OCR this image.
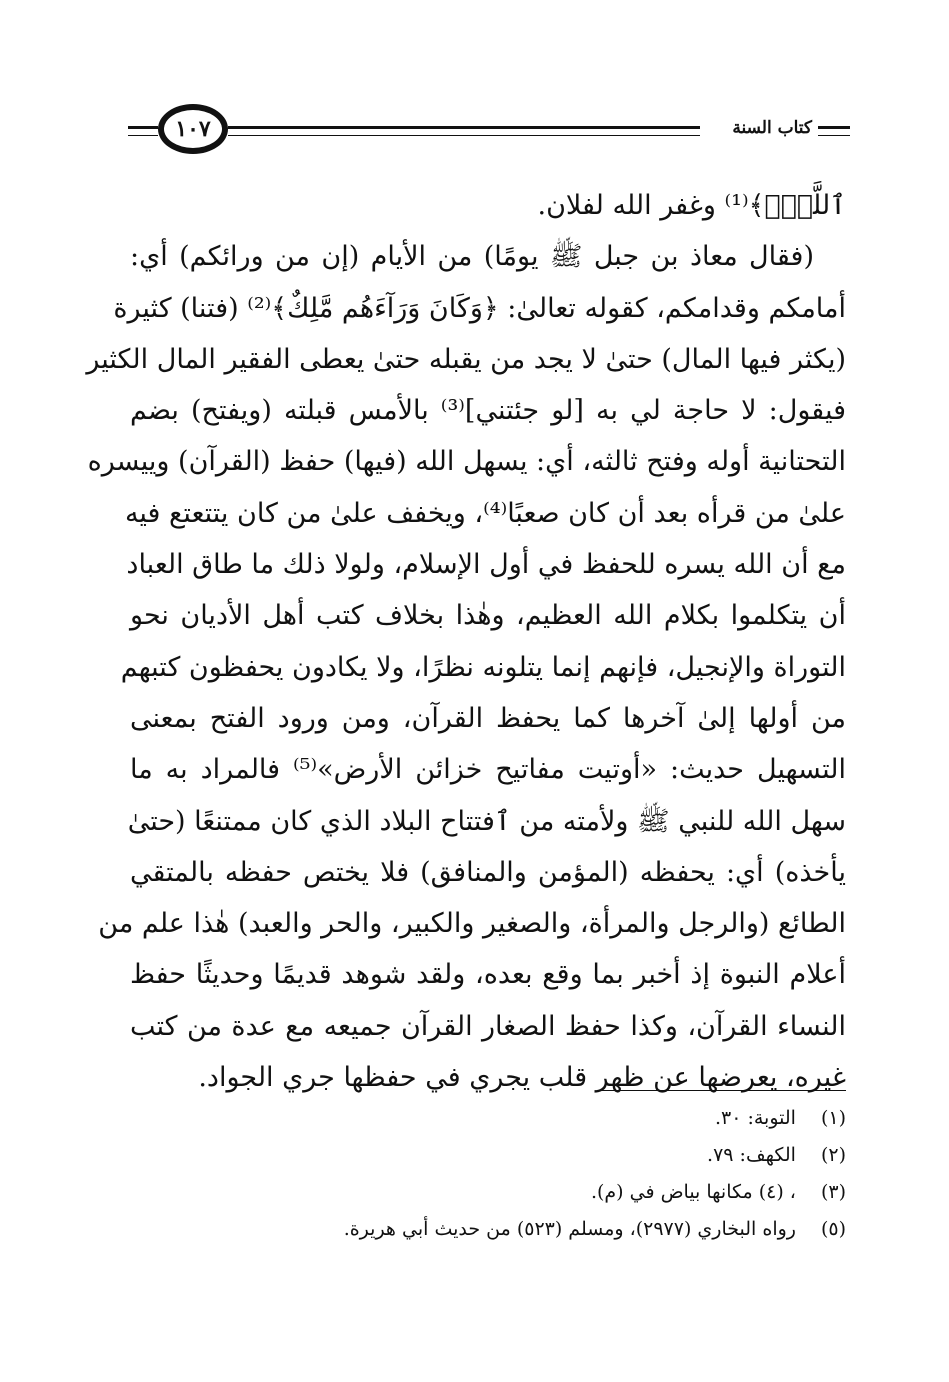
١٠٧	كتاب السنة
ٱللَّهُۖ﴾⁽¹⁾ وغفر الله لفلان.
(فقال معاذ بن جبل ﷺ يومًا) من الأيام (إن من ورائكم) أي:
أمامكم وقدامكم، كقوله تعالىٰ: ﴿وَكَانَ وَرَآءَهُم مَّلِكٌ﴾⁽²⁾ (فتنا) كثيرة
(يكثر فيها المال) حتىٰ لا يجد من يقبله حتىٰ يعطى الفقير المال الكثير
فيقول: لا حاجة لي به [لو جئتني]⁽³⁾ بالأمس قبلته (ويفتح) بضم
التحتانية أوله وفتح ثالثه، أي: يسهل الله (فيها) حفظ (القرآن) وييسره
علىٰ من قرأه بعد أن كان صعبًا⁽⁴⁾، ويخفف علىٰ من كان يتتعتع فيه
مع أن الله يسره للحفظ في أول الإسلام، ولولا ذلك ما طاق العباد
أن يتكلموا بكلام الله العظيم، وهٰذا بخلاف كتب أهل الأديان نحو
التوراة والإنجيل، فإنهم إنما يتلونه نظرًا، ولا يكادون يحفظون كتبهم
من أولها إلىٰ آخرها كما يحفظ القرآن، ومن ورود الفتح بمعنى
التسهيل حديث: «أوتيت مفاتيح خزائن الأرض»⁽⁵⁾ فالمراد به ما
سهل الله للنبي ﷺ ولأمته من ٱفتتاح البلاد الذي كان ممتنعًا (حتىٰ
يأخذه) أي: يحفظه (المؤمن والمنافق) فلا يختص حفظه بالمتقي
الطائع (والرجل والمرأة، والصغير والكبير، والحر والعبد) هٰذا علم من
أعلام النبوة إذ أخبر بما وقع بعده، ولقد شوهد قديمًا وحديثًا حفظ
النساء القرآن، وكذا حفظ الصغار القرآن جميعه مع عدة من كتب
غيره، يعرضها عن ظهر قلب يجري في حفظها جري الجواد.
(١) التوبة: ٣٠.
(٢) الكهف: ٧٩.
(٣) ، (٤) مكانها بياض في (م).
(٥) رواه البخاري (٢٩٧٧)، ومسلم (٥٢٣) من حديث أبي هريرة.
